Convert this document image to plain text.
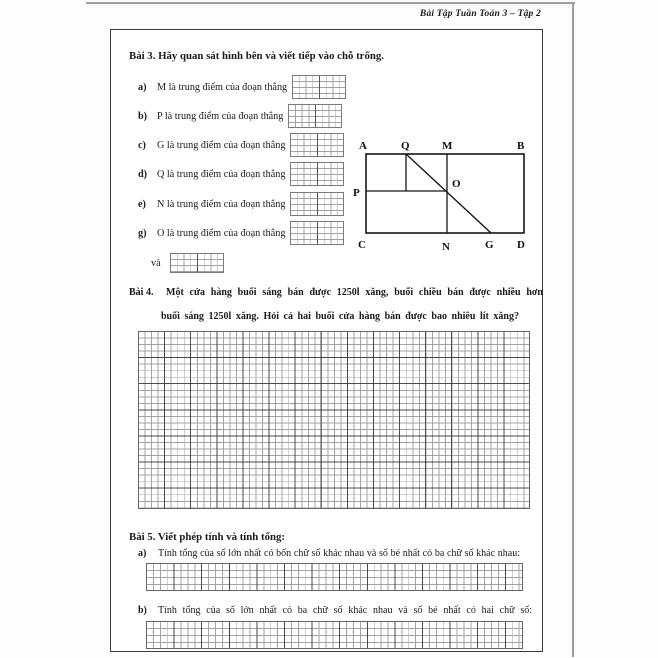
Bài Tập Tuần Toán 3 – Tập 2
Bài 3. Hãy quan sát hình bên và viết tiếp vào chỗ trống.
a)	M là trung điểm của đoạn thẳng
b) P là trung điểm của đoạn thẳng
c)	G là trung điểm của đoạn thẳng
d) Q là trung điểm của đoạn thẳng
e)	N là trung điểm của đoạn thẳng
g)	O là trung điểm của đoạn thẳng
và
A	Q	M	B
P
O
C	N	G D
Bài 4.	Một cửa hàng buổi sáng bán được 1250l xăng, buổi chiều bán được nhiều hơn
buổi sáng 1250l xăng. Hỏi cả hai buổi cửa hàng bán được bao nhiêu lít xăng?
Bài 5. Viết phép tính và tính tổng:
a)	Tính tổng của số lớn nhất có bốn chữ số khác nhau và số bé nhất có ba chữ số khác nhau:
b)	Tính tổng của số lớn nhất có ba chữ số khác nhau và số bé nhất có hai chữ số:
